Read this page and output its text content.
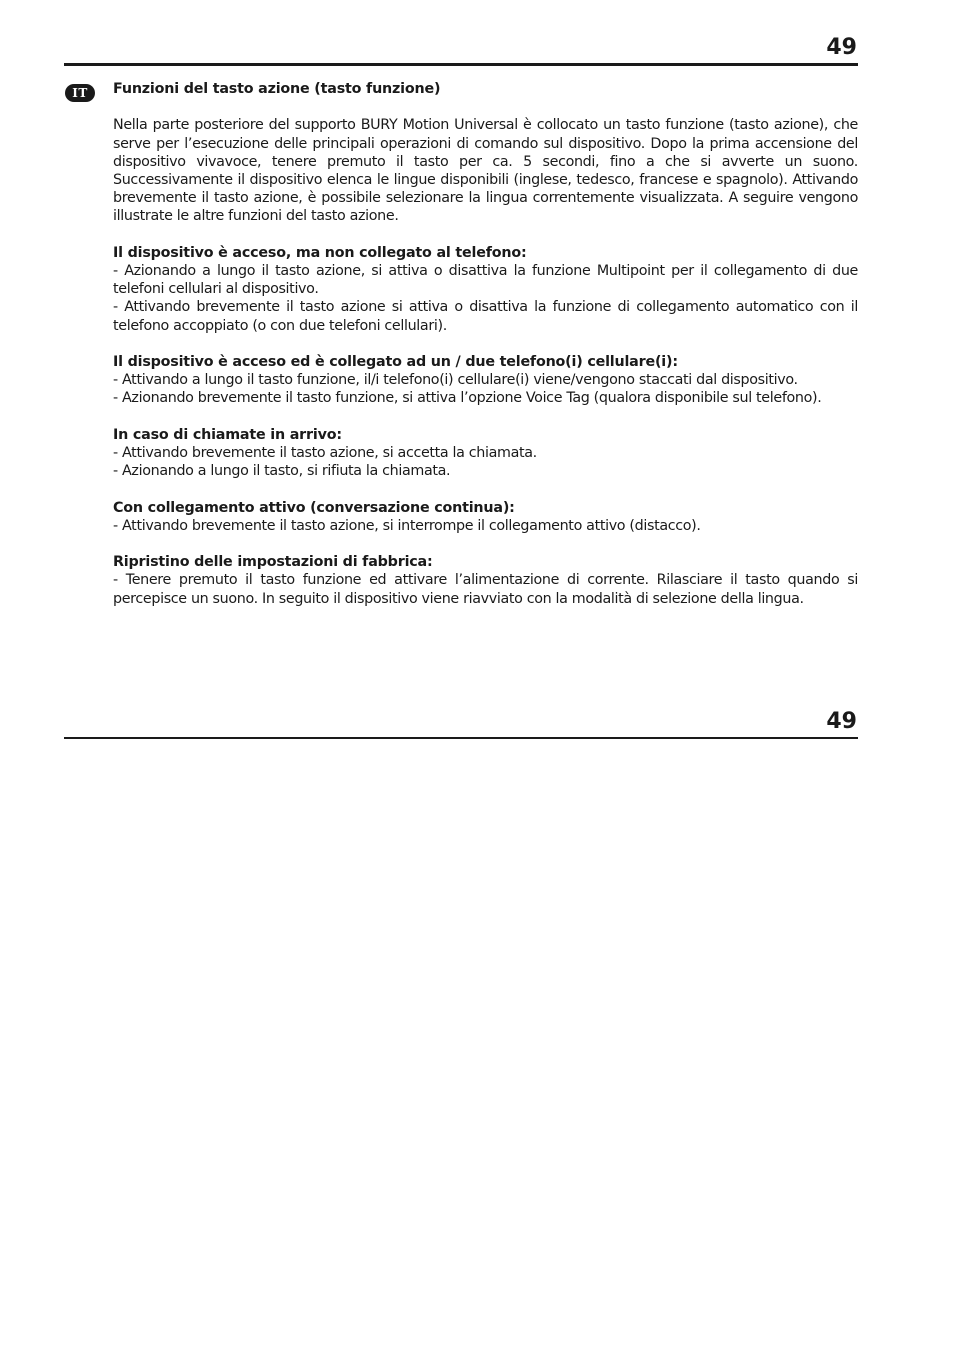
49
IT	Funzioni del tasto azione (tasto funzione)

Nella parte posteriore del supporto BURY Motion Universal è collocato un tasto funzione (tasto azione), che serve per l’esecuzione delle principali operazioni di comando sul dispositivo. Dopo la prima accensione del dispositivo vivavoce, tenere premuto il tasto per ca. 5 secondi, fino a che si avverte un suono. Successivamente il dispositivo elenca le lingue disponibili (inglese, tedesco, francese e spagnolo). Attivando brevemente il tasto azione, è possibile selezionare la lingua correntemente visualizzata. A seguire vengono illustrate le altre funzioni del tasto azione.

Il dispositivo è acceso, ma non collegato al telefono:

- Azionando a lungo il tasto azione, si attiva o disattiva la funzione Multipoint per il collegamento di due telefoni cellulari al dispositivo.

- Attivando brevemente il tasto azione si attiva o disattiva la funzione di collegamento automatico con il telefono accoppiato (o con due telefoni cellulari).

Il dispositivo è acceso ed è collegato ad un / due telefono(i) cellulare(i):

- Attivando a lungo il tasto funzione, il/i telefono(i) cellulare(i) viene/vengono staccati dal dispositivo.

- Azionando brevemente il tasto funzione, si attiva l’opzione Voice Tag (qualora disponibile sul telefono).

In caso di chiamate in arrivo:

- Attivando brevemente il tasto azione, si accetta la chiamata.

- Azionando a lungo il tasto, si rifiuta la chiamata.

Con collegamento attivo (conversazione continua):

- Attivando brevemente il tasto azione, si interrompe il collegamento attivo (distacco).

Ripristino delle impostazioni di fabbrica:

- Tenere premuto il tasto funzione ed attivare l’alimentazione di corrente. Rilasciare il tasto quando si percepisce un suono. In seguito il dispositivo viene riavviato con la modalità di selezione della lingua.

49
